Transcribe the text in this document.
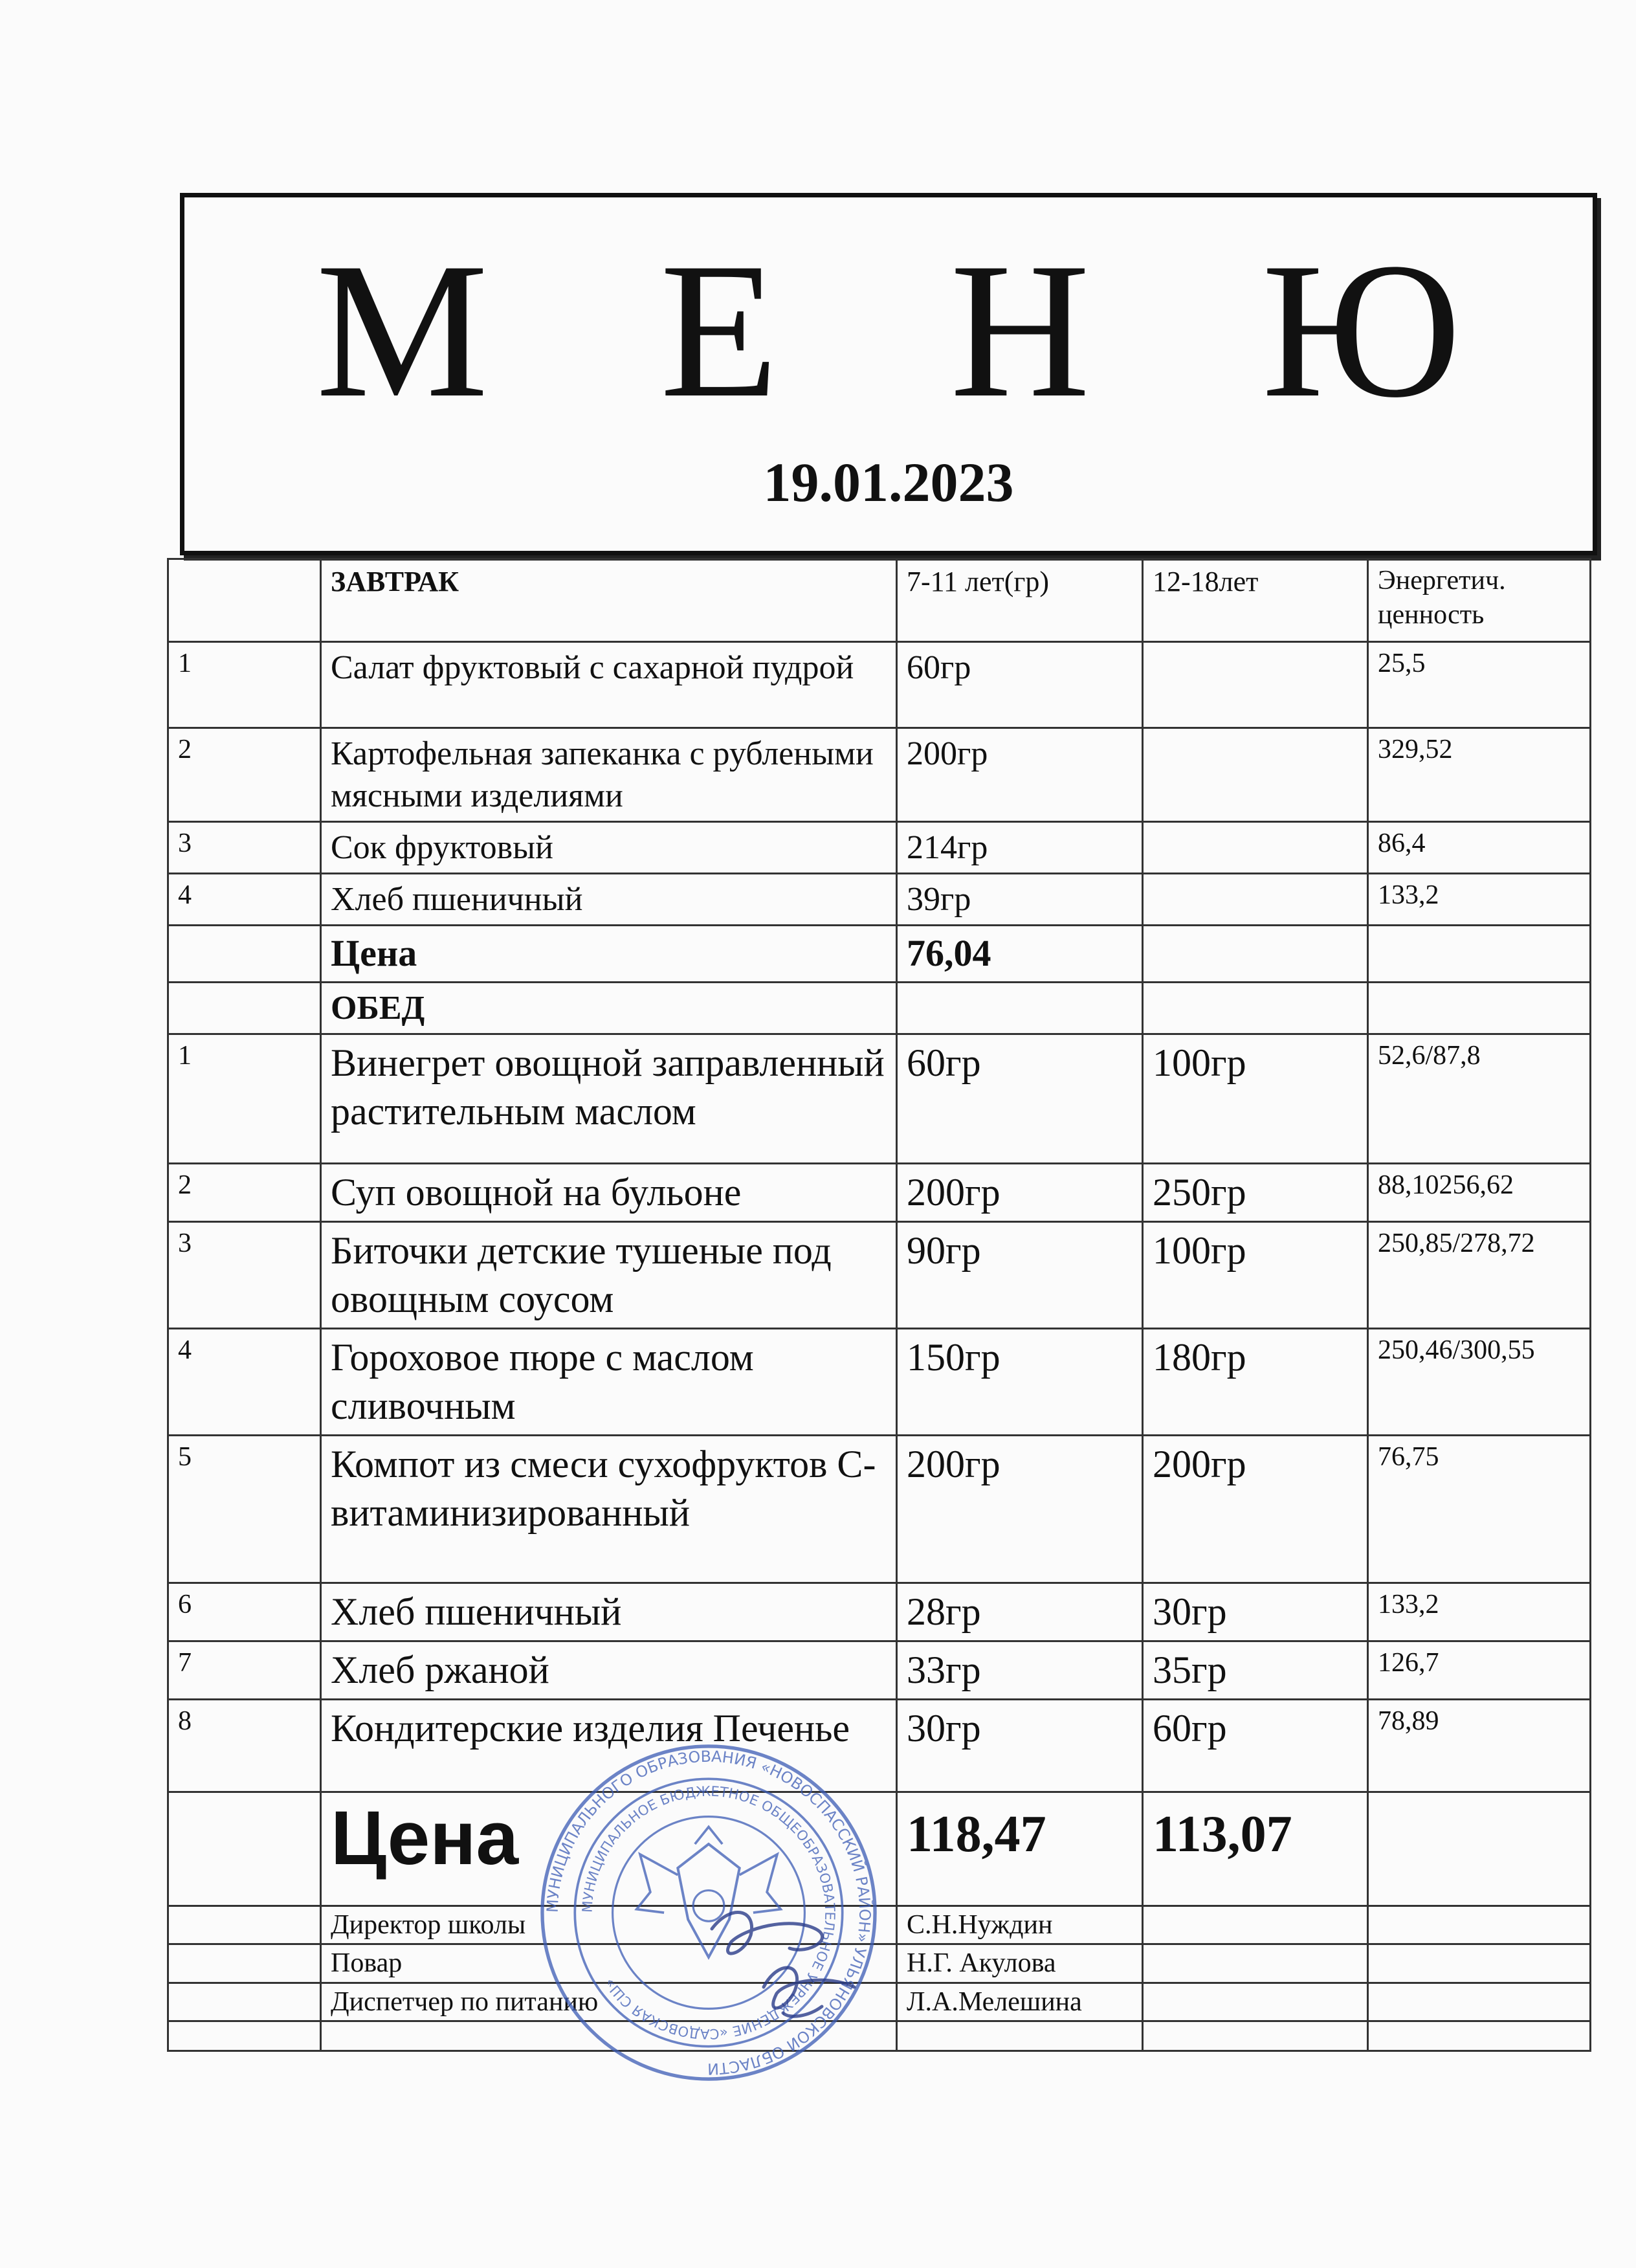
М Е Н Ю
19.01.2023
	ЗАВТРАК	7-11 лет(гр)	12-18лет	Энергетич. ценность
1	Салат фруктовый с сахарной пудрой	60гр		25,5
2	Картофельная запеканка с рублеными мясными изделиями	200гр		329,52
3	Сок фруктовый	214гр		86,4
4	Хлеб пшеничный	39гр		133,2
	Цена	76,04		
	ОБЕД			
1	Винегрет овощной заправленный растительным маслом	60гр	100гр	52,6/87,8
2	Суп овощной на бульоне	200гр	250гр	88,10256,62
3	Биточки детские тушеные под овощным соусом	90гр	100гр	250,85/278,72
4	Гороховое пюре с маслом сливочным	150гр	180гр	250,46/300,55
5	Компот из смеси сухофруктов С-витаминизированный	200гр	200гр	76,75
6	Хлеб пшеничный	28гр	30гр	133,2
7	Хлеб ржаной	33гр	35гр	126,7
8	Кондитерские изделия Печенье	30гр	60гр	78,89
	Цена	118,47	113,07	
	Директор школы	С.Н.Нуждин		
	Повар	Н.Г. Акулова		
	Диспетчер по питанию	Л.А.Мелешина		

МУНИЦИПАЛЬНОГО ОБРАЗОВАНИЯ «НОВОСПАССКИЙ РАЙОН» УЛЬЯНОВСКОЙ ОБЛАСТИ
МУНИЦИПАЛЬНОЕ БЮДЖЕТНОЕ ОБЩЕОБРАЗОВАТЕЛЬНОЕ УЧРЕЖДЕНИЕ «САДОВСКАЯ СШ»
